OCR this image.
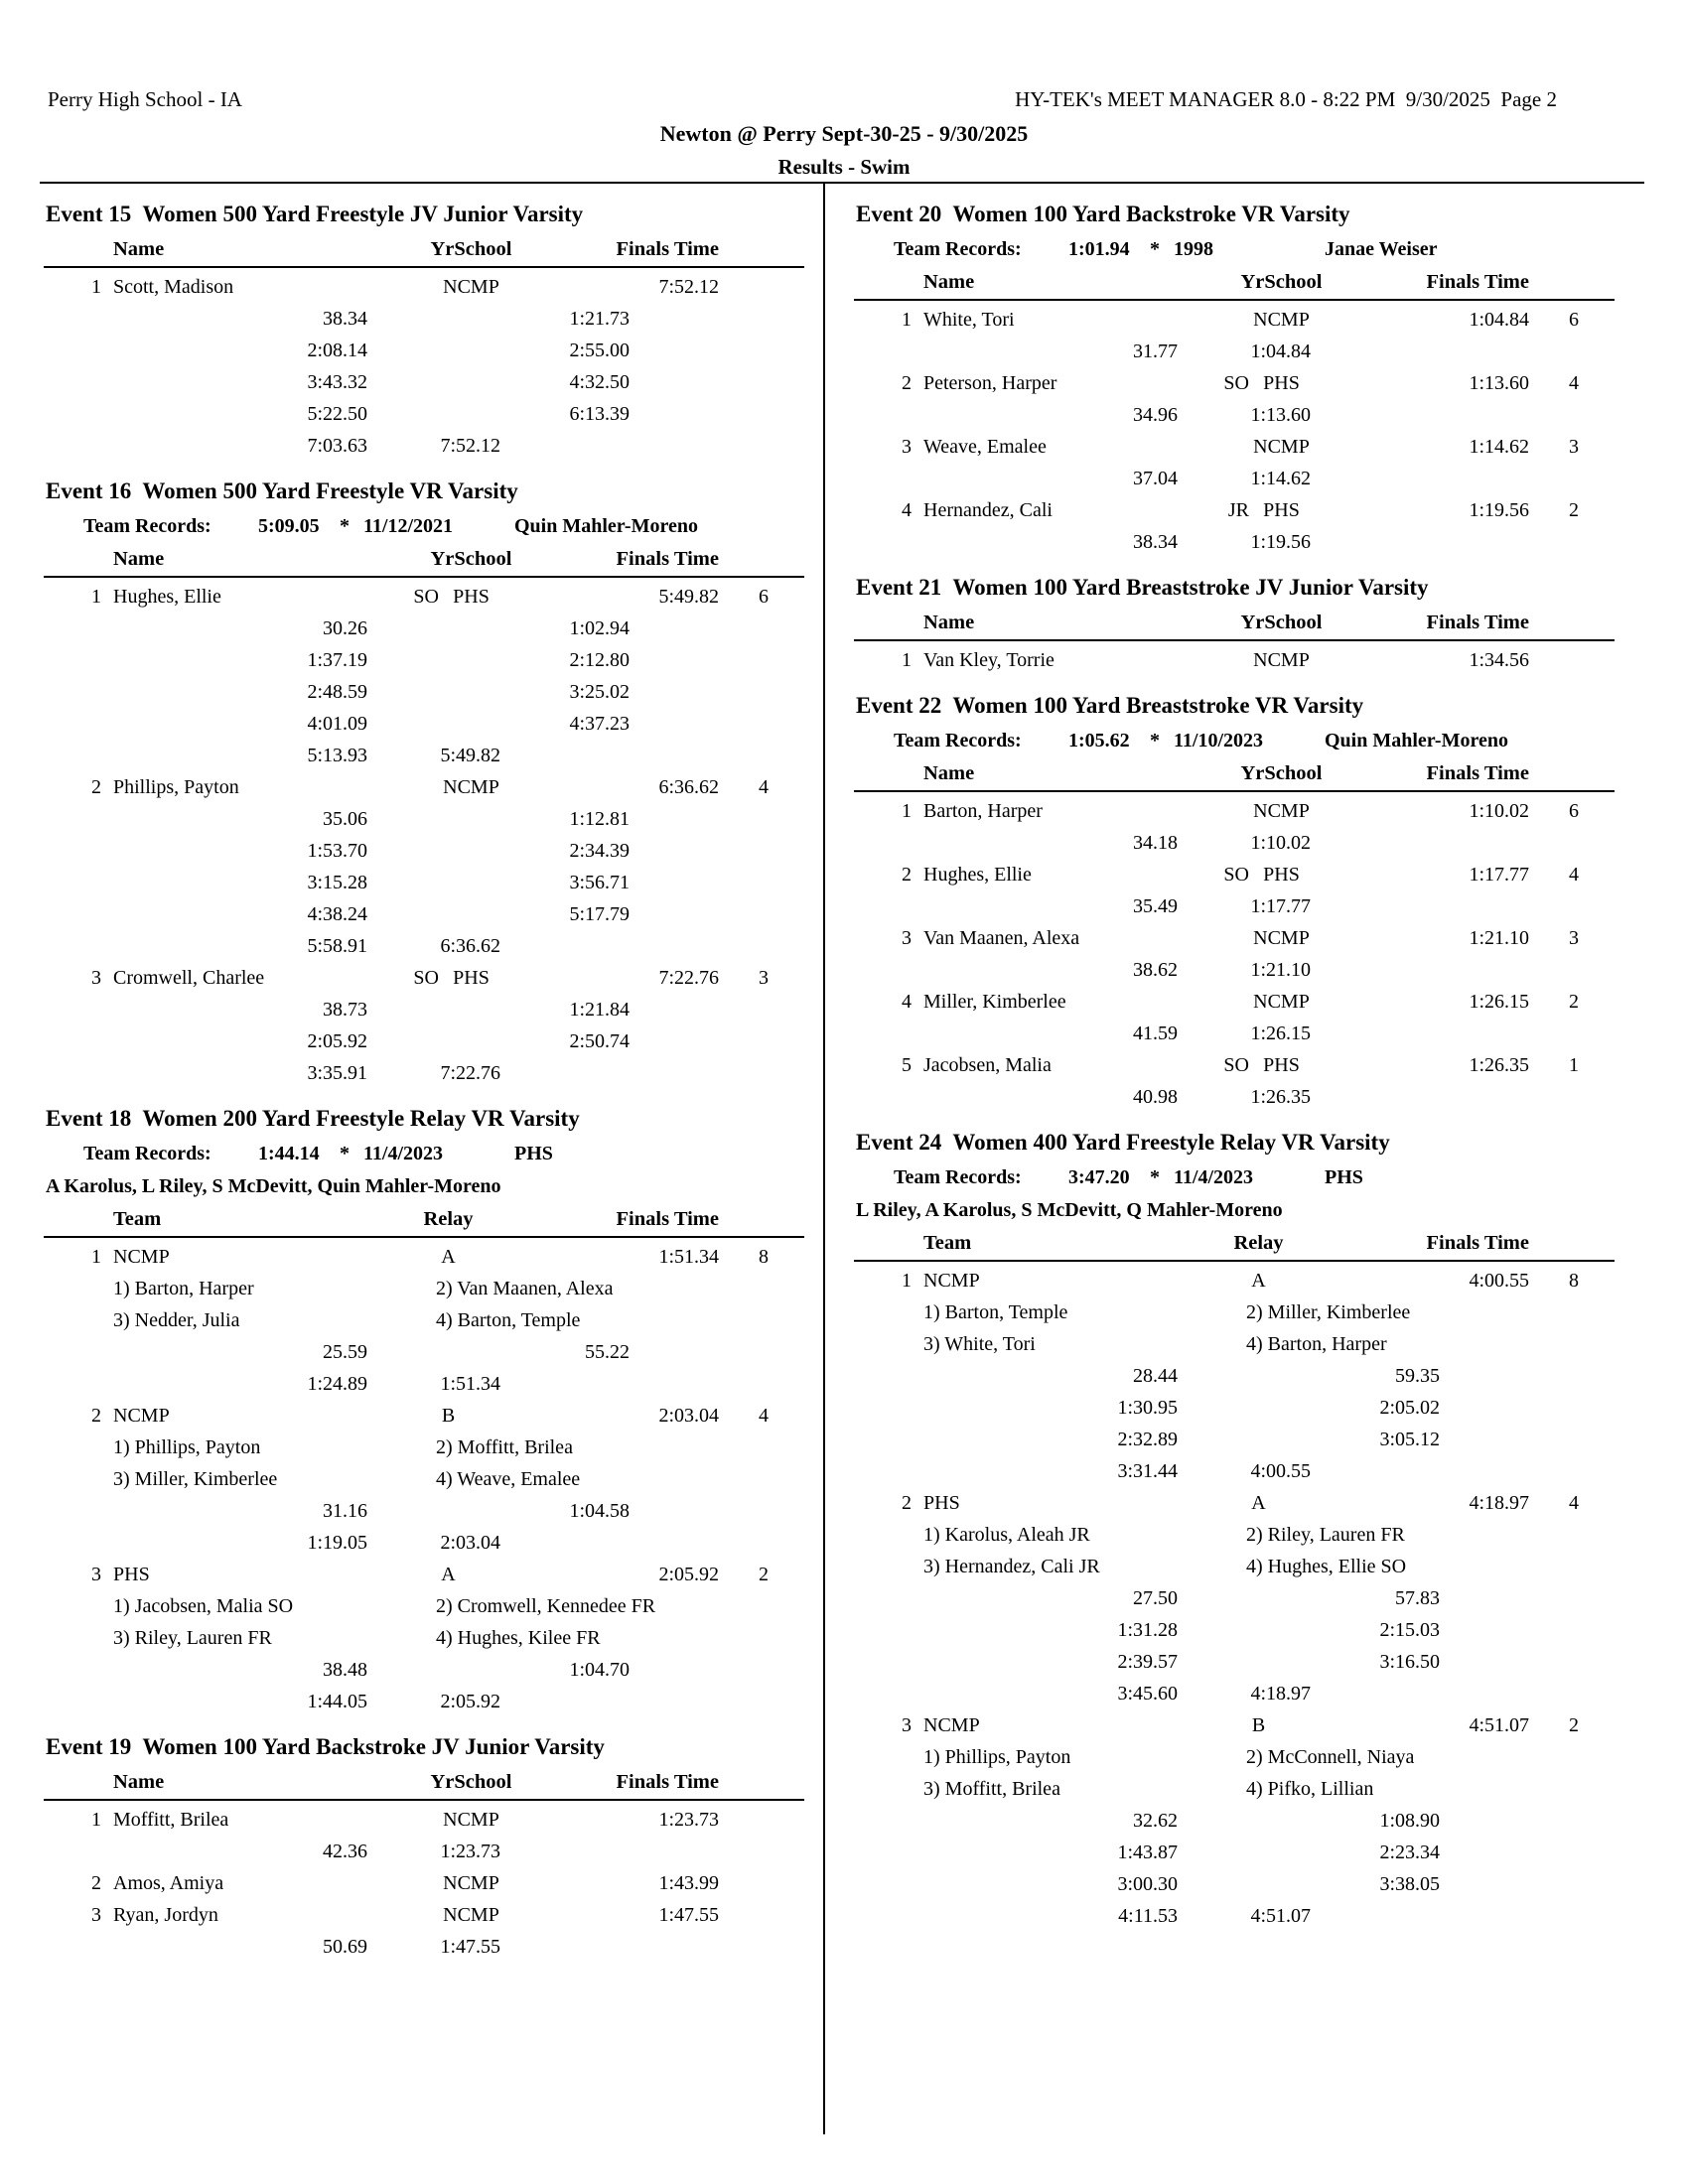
Perry High School - IA	HY-TEK's MEET MANAGER 8.0 - 8:22 PM  9/30/2025  Page 2
Newton @ Perry Sept-30-25 - 9/30/2025
Results - Swim
Event 15  Women 500 Yard Freestyle JV Junior Varsity
Name	YrSchool	Finals Time
1 Scott, Madison	NCMP	7:52.12
38.34	1:21.73
2:08.14	2:55.00
3:43.32	4:32.50
5:22.50	6:13.39
7:03.63	7:52.12
Event 16  Women 500 Yard Freestyle VR Varsity
Team Records: 5:09.05 * 11/12/2021	Quin Mahler-Moreno
Name	YrSchool	Finals Time
1 Hughes, Ellie	SO PHS	5:49.82	6
30.26	1:02.94
1:37.19	2:12.80
2:48.59	3:25.02
4:01.09	4:37.23
5:13.93	5:49.82
2 Phillips, Payton	NCMP	6:36.62	4
35.06	1:12.81
1:53.70	2:34.39
3:15.28	3:56.71
4:38.24	5:17.79
5:58.91	6:36.62
3 Cromwell, Charlee	SO PHS	7:22.76	3
38.73	1:21.84
2:05.92	2:50.74
3:35.91	7:22.76
Event 18  Women 200 Yard Freestyle Relay VR Varsity
Team Records: 1:44.14 * 11/4/2023	PHS
A Karolus, L Riley, S McDevitt, Quin Mahler-Moreno
Team	Relay	Finals Time
1 NCMP	A	1:51.34	8
1) Barton, Harper	2) Van Maanen, Alexa
3) Nedder, Julia	4) Barton, Temple
25.59	55.22
1:24.89	1:51.34
2 NCMP	B	2:03.04	4
1) Phillips, Payton	2) Moffitt, Brilea
3) Miller, Kimberlee	4) Weave, Emalee
31.16	1:04.58
1:19.05	2:03.04
3 PHS	A	2:05.92	2
1) Jacobsen, Malia SO	2) Cromwell, Kennedee FR
3) Riley, Lauren FR	4) Hughes, Kilee FR
38.48	1:04.70
1:44.05	2:05.92
Event 19  Women 100 Yard Backstroke JV Junior Varsity
Name	YrSchool	Finals Time
1 Moffitt, Brilea	NCMP	1:23.73
42.36	1:23.73
2 Amos, Amiya	NCMP	1:43.99
3 Ryan, Jordyn	NCMP	1:47.55
50.69	1:47.55
Event 20  Women 100 Yard Backstroke VR Varsity
Team Records: 1:01.94 * 1998	Janae Weiser
Name	YrSchool	Finals Time
1 White, Tori	NCMP	1:04.84	6
31.77	1:04.84
2 Peterson, Harper	SO PHS	1:13.60	4
34.96	1:13.60
3 Weave, Emalee	NCMP	1:14.62	3
37.04	1:14.62
4 Hernandez, Cali	JR PHS	1:19.56	2
38.34	1:19.56
Event 21  Women 100 Yard Breaststroke JV Junior Varsity
Name	YrSchool	Finals Time
1 Van Kley, Torrie	NCMP	1:34.56
Event 22  Women 100 Yard Breaststroke VR Varsity
Team Records: 1:05.62 * 11/10/2023	Quin Mahler-Moreno
Name	YrSchool	Finals Time
1 Barton, Harper	NCMP	1:10.02	6
34.18	1:10.02
2 Hughes, Ellie	SO PHS	1:17.77	4
35.49	1:17.77
3 Van Maanen, Alexa	NCMP	1:21.10	3
38.62	1:21.10
4 Miller, Kimberlee	NCMP	1:26.15	2
41.59	1:26.15
5 Jacobsen, Malia	SO PHS	1:26.35	1
40.98	1:26.35
Event 24  Women 400 Yard Freestyle Relay VR Varsity
Team Records: 3:47.20 * 11/4/2023	PHS
L Riley, A Karolus, S McDevitt, Q Mahler-Moreno
Team	Relay	Finals Time
1 NCMP	A	4:00.55	8
1) Barton, Temple	2) Miller, Kimberlee
3) White, Tori	4) Barton, Harper
28.44	59.35
1:30.95	2:05.02
2:32.89	3:05.12
3:31.44	4:00.55
2 PHS	A	4:18.97	4
1) Karolus, Aleah JR	2) Riley, Lauren FR
3) Hernandez, Cali JR	4) Hughes, Ellie SO
27.50	57.83
1:31.28	2:15.03
2:39.57	3:16.50
3:45.60	4:18.97
3 NCMP	B	4:51.07	2
1) Phillips, Payton	2) McConnell, Niaya
3) Moffitt, Brilea	4) Pifko, Lillian
32.62	1:08.90
1:43.87	2:23.34
3:00.30	3:38.05
4:11.53	4:51.07
